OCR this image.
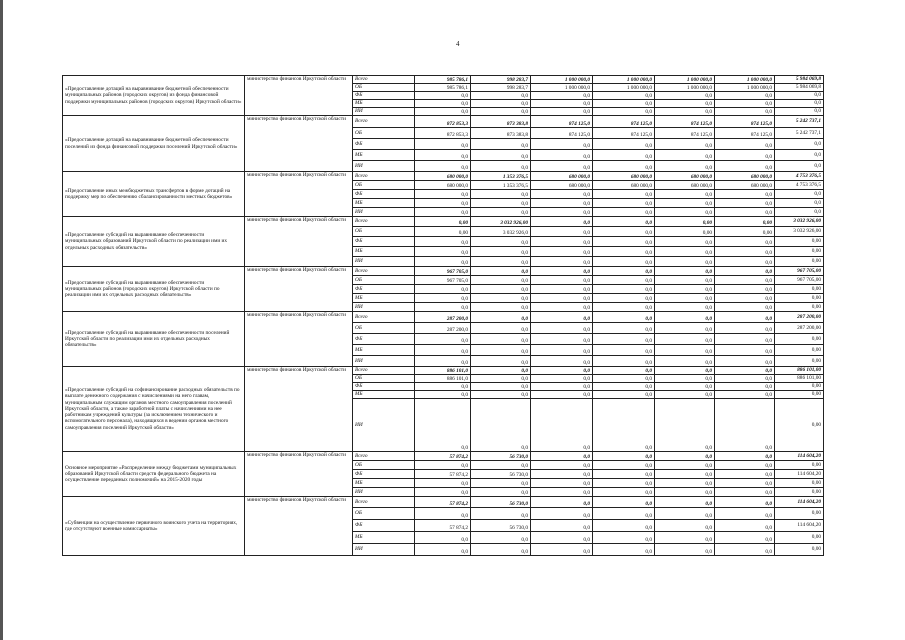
4
«Предоставление дотаций на выравнивание бюджетной обеспеченности муниципальных районов (городских округов) из фонда финансовой поддержки муниципальных районов (городских округов) Иркутской области»	министерство финансов Иркутской области	Всего	985 786,1	998 283,7	1 000 000,0	1 000 000,0	1 000 000,0	1 000 000,0	5 984 069,8
		ОБ	985 786,1	998 283,7	1 000 000,0	1 000 000,0	1 000 000,0	1 000 000,0	5 984 069,8
		ФБ	0,0	0,0	0,0	0,0	0,0	0,0	0,0
		МБ	0,0	0,0	0,0	0,0	0,0	0,0	0,0
		ИИ	0,0	0,0	0,0	0,0	0,0	0,0	0,0
«Предоставление дотаций на выравнивание бюджетной обеспеченности поселений из фонда финансовой поддержки поселений Иркутской области»	министерство финансов Иркутской области	Всего	872 853,3	873 383,8	874 125,0	874 125,0	874 125,0	874 125,0	5 242 737,1
		ОБ	872 853,3	873 383,8	874 125,0	874 125,0	874 125,0	874 125,0	5 242 737,1
		ФБ	0,0	0,0	0,0	0,0	0,0	0,0	0,0
		МБ	0,0	0,0	0,0	0,0	0,0	0,0	0,0
		ИИ	0,0	0,0	0,0	0,0	0,0	0,0	0,0
«Предоставление иных межбюджетных трансфертов в форме дотаций на поддержку мер по обеспечению сбалансированности местных бюджетов»	министерство финансов Иркутской области	Всего	680 000,0	1 353 376,5	680 000,0	680 000,0	680 000,0	680 000,0	4 753 376,5
		ОБ	680 000,0	1 353 376,5	680 000,0	680 000,0	680 000,0	680 000,0	4 753 376,5
		ФБ	0,0	0,0	0,0	0,0	0,0	0,0	0,0
		МБ	0,0	0,0	0,0	0,0	0,0	0,0	0,0
		ИИ	0,0	0,0	0,0	0,0	0,0	0,0	0,0
«Предоставление субсидий на выравнивание обеспеченности муниципальных образований Иркутской области по реализации ими их отдельных расходных обязательств»	министерство финансов Иркутской области	Всего	0,00	3 032 926,00	0,0	0,0	0,00	0,00	3 032 926,00
		ОБ	0,00	3 032 926,0	0,0	0,0	0,00	0,00	3 032 926,00
		ФБ	0,0	0,0	0,0	0,0	0,0	0,0	0,00
		МБ	0,0	0,0	0,0	0,0	0,0	0,0	0,00
		ИИ	0,0	0,0	0,0	0,0	0,0	0,0	0,00
«Предоставление субсидий на выравнивание обеспеченности муниципальных районов (городских округов) Иркутской области по реализации ими их отдельных расходных обязательств»	министерство финансов Иркутской области	Всего	967 705,0	0,0	0,0	0,0	0,0	0,0	967 705,00
		ОБ	967 705,0	0,0	0,0	0,0	0,0	0,0	967 705,00
		ФБ	0,0	0,0	0,0	0,0	0,0	0,0	0,00
		МБ	0,0	0,0	0,0	0,0	0,0	0,0	0,00
		ИИ	0,0	0,0	0,0	0,0	0,0	0,0	0,00
«Предоставление субсидий на выравнивание обеспеченности поселений Иркутской области по реализации ими их отдельных расходных обязательств»	министерство финансов Иркутской области	Всего	287 200,0	0,0	0,0	0,0	0,0	0,0	287 200,00
		ОБ	287 200,0	0,0	0,0	0,0	0,0	0,0	287 200,00
		ФБ	0,0	0,0	0,0	0,0	0,0	0,0	0,00
		МБ	0,0	0,0	0,0	0,0	0,0	0,0	0,00
		ИИ	0,0	0,0	0,0	0,0	0,0	0,0	0,00
«Предоставление субсидий на софинансирование расходных обязательств по выплате денежного содержания с начислениями на него главам, муниципальным служащим органов местного самоуправления поселений Иркутской области, а также заработной платы с начислениями на нее работникам учреждений культуры (за исключением технического и вспомогательного персонала), находящихся в ведении органов местного самоуправления поселений Иркутской области»	министерство финансов Иркутской области	Всего	886 101,0	0,0	0,0	0,0	0,0	0,0	886 101,00
		ОБ	886 101,0	0,0	0,0	0,0	0,0	0,0	886 101,00
		ФБ	0,0	0,0	0,0	0,0	0,0	0,0	0,00
		МБ	0,0	0,0	0,0	0,0	0,0	0,0	0,00
		ИИ	0,0	0,0	0,0	0,0	0,0	0,0	0,00
Основное мероприятие «Распределение между бюджетами муниципальных образований Иркутской области средств федерального бюджета на осуществление переданных полномочий» на 2015-2020 годы	министерство финансов Иркутской области	Всего	57 874,2	56 730,0	0,0	0,0	0,0	0,0	114 604,20
		ОБ	0,0	0,0	0,0	0,0	0,0	0,0	0,00
		ФБ	57 874,2	56 730,0	0,0	0,0	0,0	0,0	114 604,20
		МБ	0,0	0,0	0,0	0,0	0,0	0,0	0,00
		ИИ	0,0	0,0	0,0	0,0	0,0	0,0	0,00
«Субвенции на осуществление первичного воинского учета на территориях, где отсутствуют военные комиссариаты»	министерство финансов Иркутской области	Всего	57 874,2	56 730,0	0,0	0,0	0,0	0,0	114 604,20
		ОБ	0,0	0,0	0,0	0,0	0,0	0,0	0,00
		ФБ	57 874,2	56 730,0	0,0	0,0	0,0	0,0	114 604,20
		МБ	0,0	0,0	0,0	0,0	0,0	0,0	0,00
		ИИ	0,0	0,0	0,0	0,0	0,0	0,0	0,00
